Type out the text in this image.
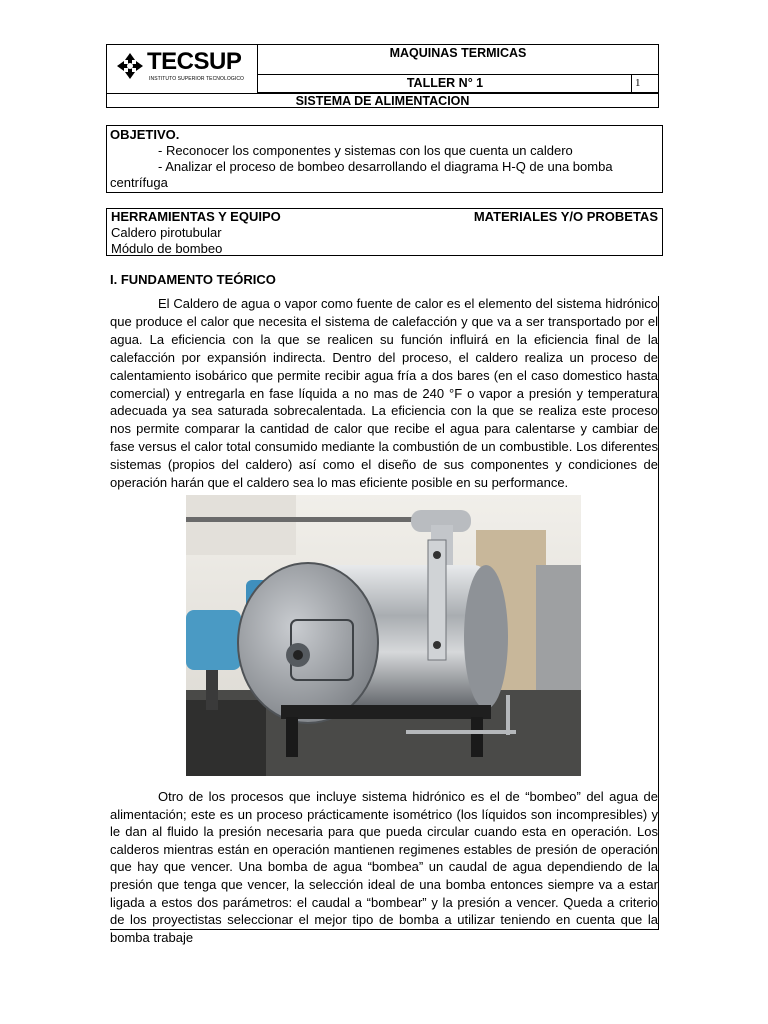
TECSUP
INSTITUTO SUPERIOR TECNOLOGICO
MAQUINAS TERMICAS
TALLER N° 1	1
SISTEMA DE ALIMENTACION
OBJETIVO.
- Reconocer los componentes y sistemas con los que cuenta un caldero
- Analizar el proceso de bombeo desarrollando el diagrama H-Q de una bomba
centrífuga
HERRAMIENTAS Y EQUIPO	MATERIALES Y/O PROBETAS
Caldero pirotubular
Módulo de bombeo
I. FUNDAMENTO TEÓRICO

El Caldero de agua o vapor como fuente de calor es el elemento del sistema hidrónico que produce el calor que necesita el sistema de calefacción y que va a ser transportado por el agua. La eficiencia con la que se realicen su función influirá en la eficiencia final de la calefacción por expansión indirecta. Dentro del proceso, el caldero realiza un proceso de calentamiento isobárico que permite recibir agua fría a dos bares (en el caso domestico hasta comercial) y entregarla en fase líquida a no mas de 240 °F o vapor a presión y temperatura adecuada ya sea saturada sobrecalentada. La eficiencia con la que se realiza este proceso nos permite comparar la cantidad de calor que recibe el agua para calentarse y cambiar de fase versus el calor total consumido mediante la combustión de un combustible. Los diferentes sistemas (propios del caldero) así como el diseño de sus componentes y condiciones de operación harán que el caldero sea lo mas eficiente posible en su performance.

Otro de los procesos que incluye sistema hidrónico es el de “bombeo” del agua de alimentación; este es un proceso prácticamente isométrico (los líquidos son incompresibles) y le dan al fluido la presión necesaria para que pueda circular cuando esta en operación. Los calderos mientras están en operación mantienen regimenes estables de presión de operación que hay que vencer. Una bomba de agua “bombea” un caudal de agua dependiendo de la presión que tenga que vencer, la selección ideal de una bomba entonces siempre va a estar ligada a estos dos parámetros: el caudal a “bombear” y la presión a vencer. Queda a criterio de los proyectistas seleccionar el mejor tipo de bomba a utilizar teniendo en cuenta que la bomba trabaje
